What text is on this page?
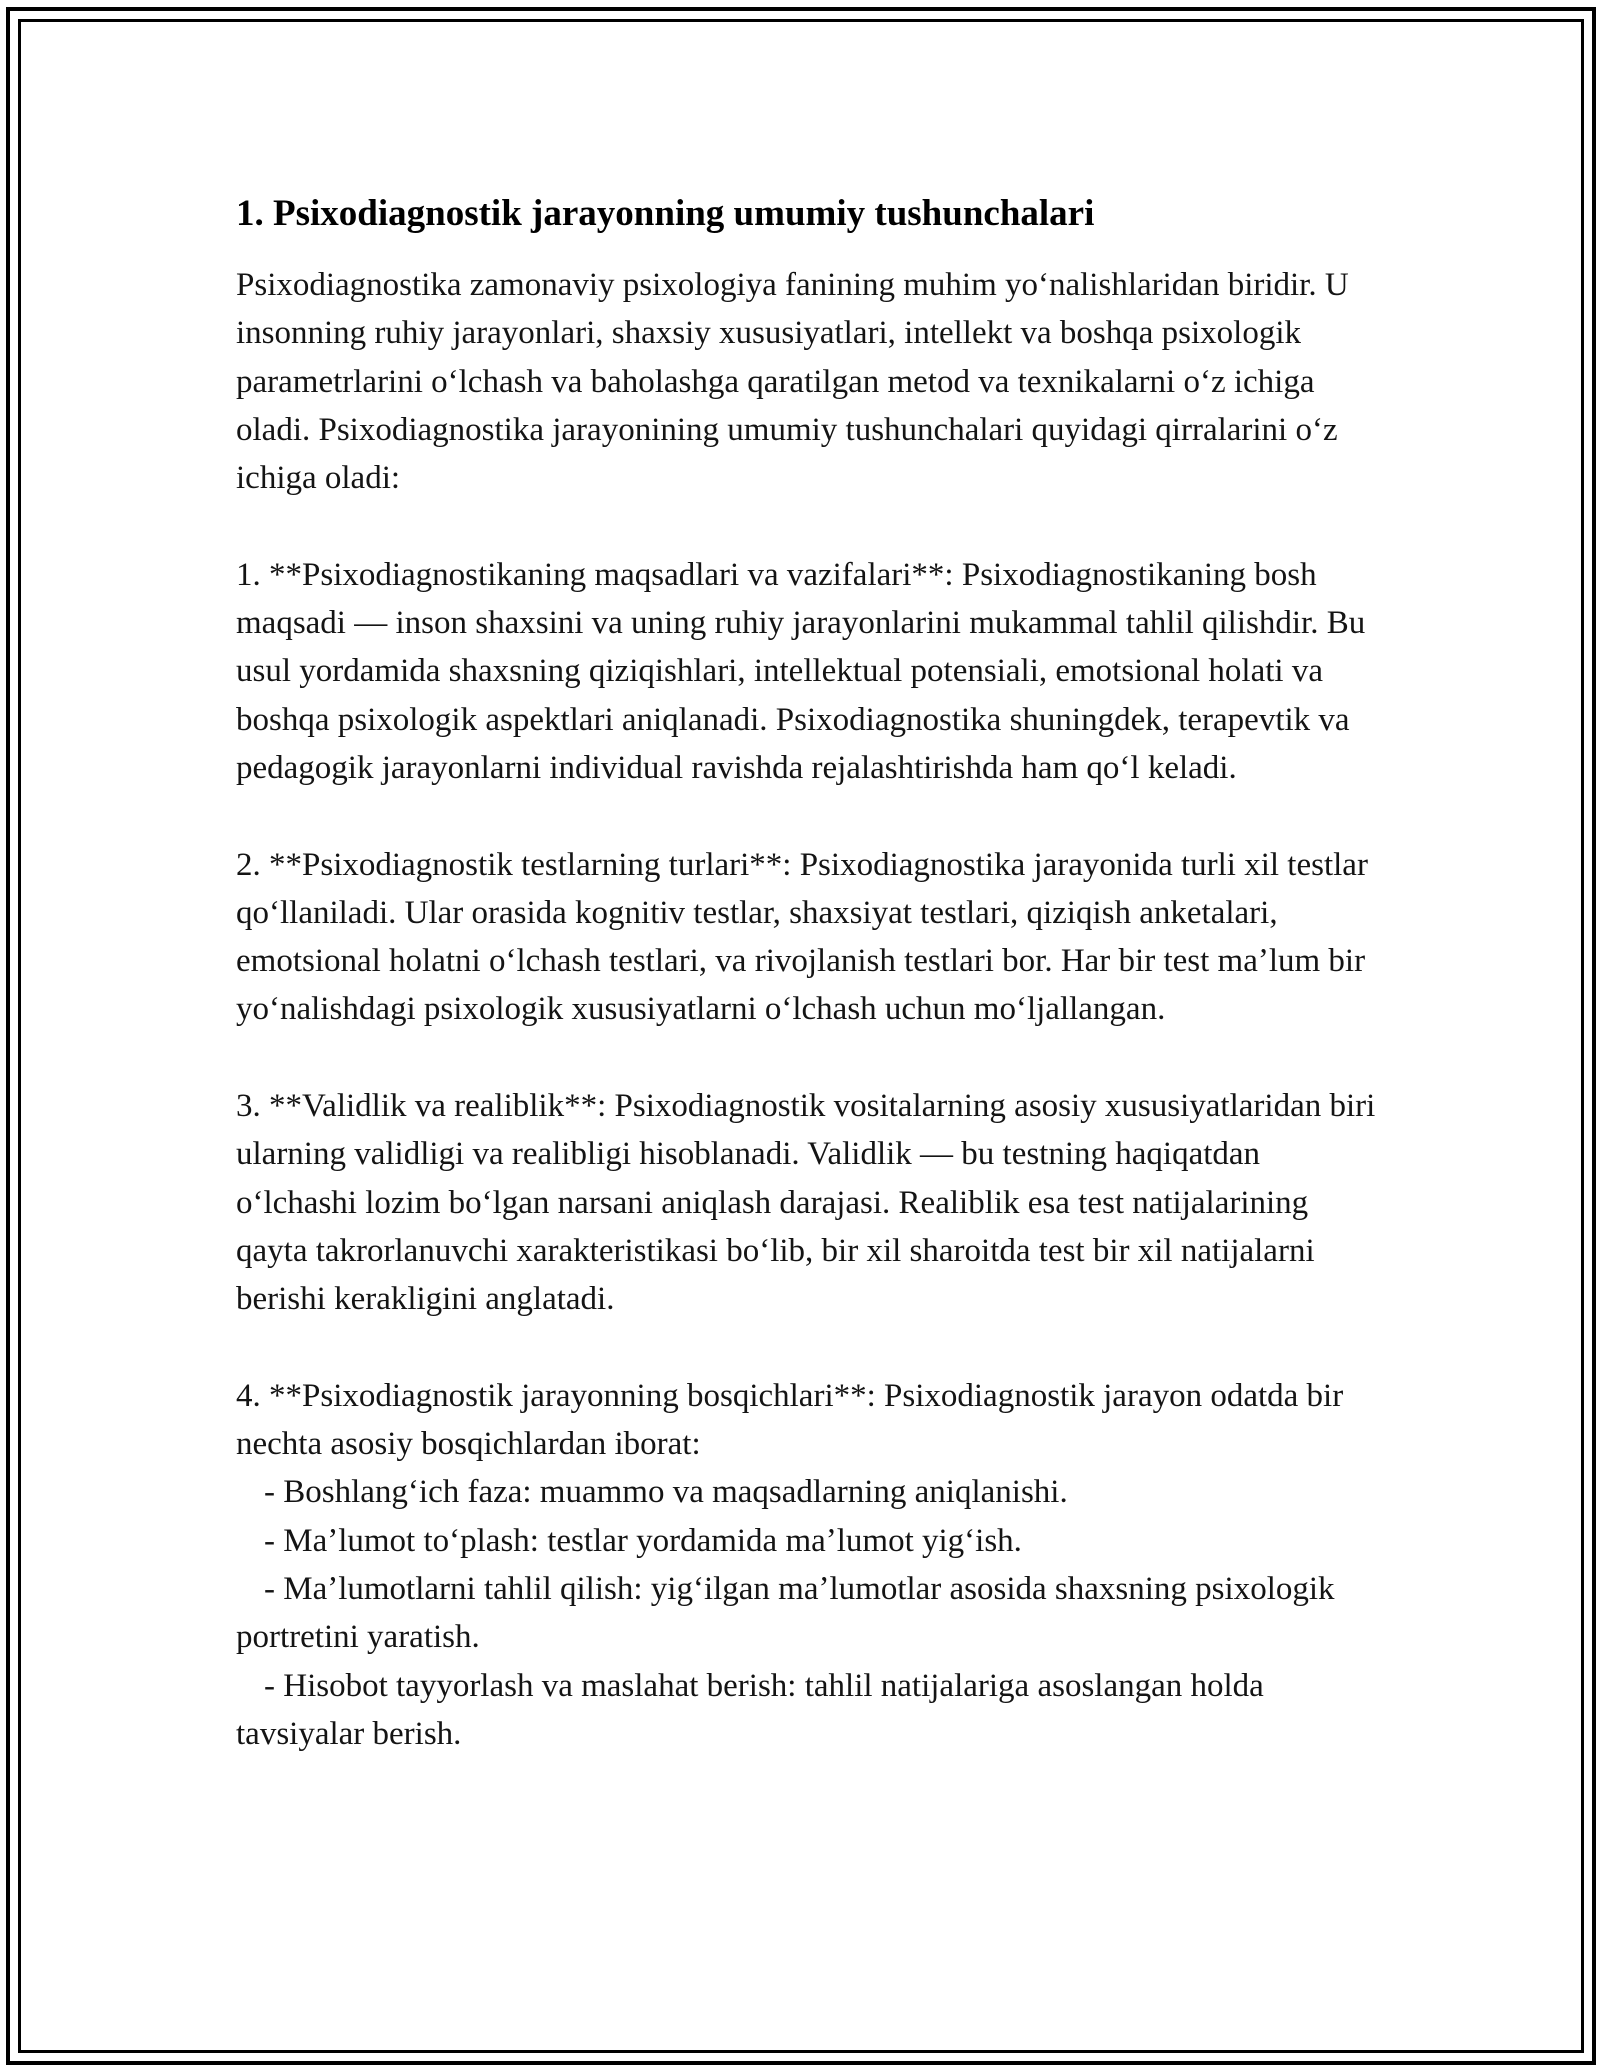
1. Psixodiagnostik jarayonning umumiy tushunchalari

Psixodiagnostika zamonaviy psixologiya fanining muhim yoʻnalishlaridan biridir. U insonning ruhiy jarayonlari, shaxsiy xususiyatlari, intellekt va boshqa psixologik parametrlarini oʻlchash va baholashga qaratilgan metod va texnikalarni oʻz ichiga oladi. Psixodiagnostika jarayonining umumiy tushunchalari quyidagi qirralarini oʻz ichiga oladi:

1. **Psixodiagnostikaning maqsadlari va vazifalari**: Psixodiagnostikaning bosh maqsadi — inson shaxsini va uning ruhiy jarayonlarini mukammal tahlil qilishdir. Bu usul yordamida shaxsning qiziqishlari, intellektual potensiali, emotsional holati va boshqa psixologik aspektlari aniqlanadi. Psixodiagnostika shuningdek, terapevtik va pedagogik jarayonlarni individual ravishda rejalashtirishda ham qoʻl keladi.

2. **Psixodiagnostik testlarning turlari**: Psixodiagnostika jarayonida turli xil testlar qoʻllaniladi. Ular orasida kognitiv testlar, shaxsiyat testlari, qiziqish anketalari, emotsional holatni oʻlchash testlari, va rivojlanish testlari bor. Har bir test maʼlum bir yoʻnalishdagi psixologik xususiyatlarni oʻlchash uchun moʻljallangan.

3. **Validlik va realiblik**: Psixodiagnostik vositalarning asosiy xususiyatlaridan biri ularning validligi va realibligi hisoblanadi. Validlik — bu testning haqiqatdan oʻlchashi lozim boʻlgan narsani aniqlash darajasi. Realiblik esa test natijalarining qayta takrorlanuvchi xarakteristikasi boʻlib, bir xil sharoitda test bir xil natijalarni berishi kerakligini anglatadi.

4. **Psixodiagnostik jarayonning bosqichlari**: Psixodiagnostik jarayon odatda bir nechta asosiy bosqichlardan iborat:

- Boshlangʻich faza: muammo va maqsadlarning aniqlanishi.

- Maʼlumot toʻplash: testlar yordamida maʼlumot yigʻish.

- Maʼlumotlarni tahlil qilish: yigʻilgan maʼlumotlar asosida shaxsning psixologik portretini yaratish.

- Hisobot tayyorlash va maslahat berish: tahlil natijalariga asoslangan holda tavsiyalar berish.
